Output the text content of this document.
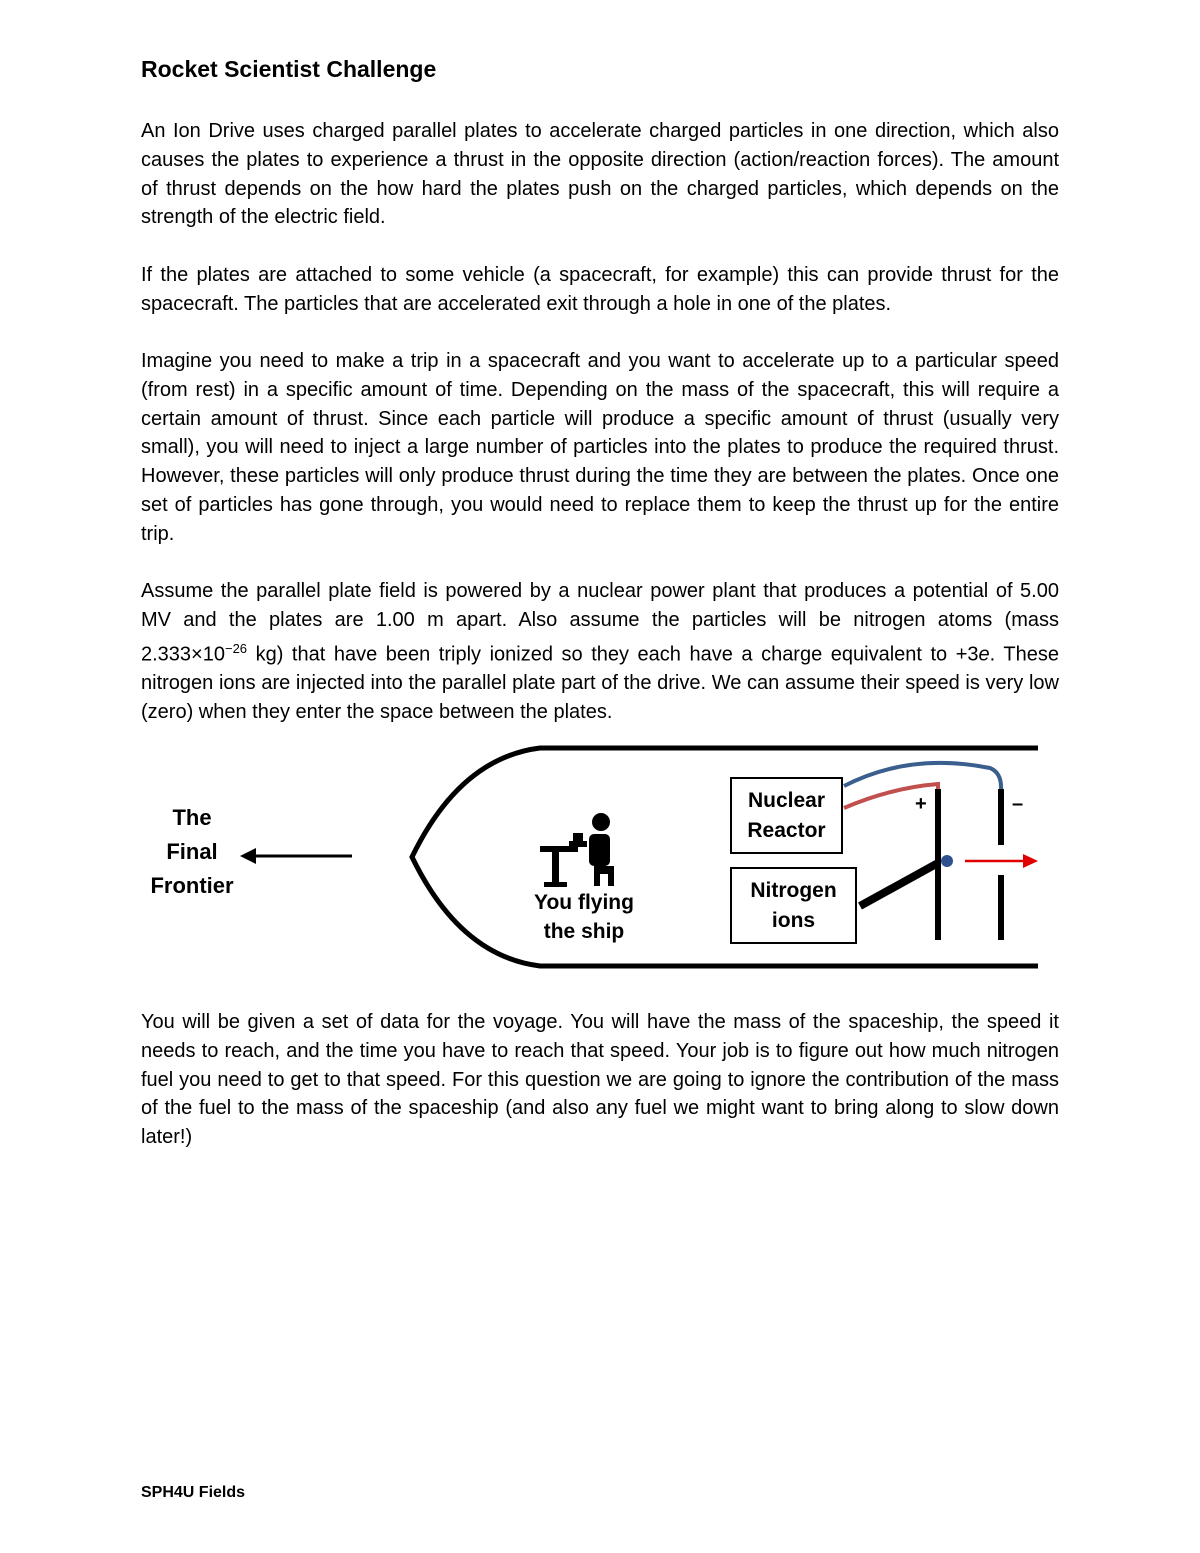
Rocket Scientist Challenge

An Ion Drive uses charged parallel plates to accelerate charged particles in one direction, which also causes the plates to experience a thrust in the opposite direction (action/reaction forces). The amount of thrust depends on the how hard the plates push on the charged particles, which depends on the strength of the electric field.

If the plates are attached to some vehicle (a spacecraft, for example) this can provide thrust for the spacecraft. The particles that are accelerated exit through a hole in one of the plates.

Imagine you need to make a trip in a spacecraft and you want to accelerate up to a particular speed (from rest) in a specific amount of time. Depending on the mass of the spacecraft, this will require a certain amount of thrust. Since each particle will produce a specific amount of thrust (usually very small), you will need to inject a large number of particles into the plates to produce the required thrust. However, these particles will only produce thrust during the time they are between the plates. Once one set of particles has gone through, you would need to replace them to keep the thrust up for the entire trip.

Assume the parallel plate field is powered by a nuclear power plant that produces a potential of 5.00 MV and the plates are 1.00 m apart. Also assume the particles will be nitrogen atoms (mass $2.333\times 10^{-26}$ kg) that have been triply ionized so they each have a charge equivalent to +3e. These nitrogen ions are injected into the parallel plate part of the drive. We can assume their speed is very low (zero) when they enter the space between the plates.

The
Final
Frontier
You flying
the ship
Nuclear
Reactor
Nitrogen
ions
+	–

You will be given a set of data for the voyage. You will have the mass of the spaceship, the speed it needs to reach, and the time you have to reach that speed. Your job is to figure out how much nitrogen fuel you need to get to that speed. For this question we are going to ignore the contribution of the mass of the fuel to the mass of the spaceship (and also any fuel we might want to bring along to slow down later!)

SPH4U Fields
